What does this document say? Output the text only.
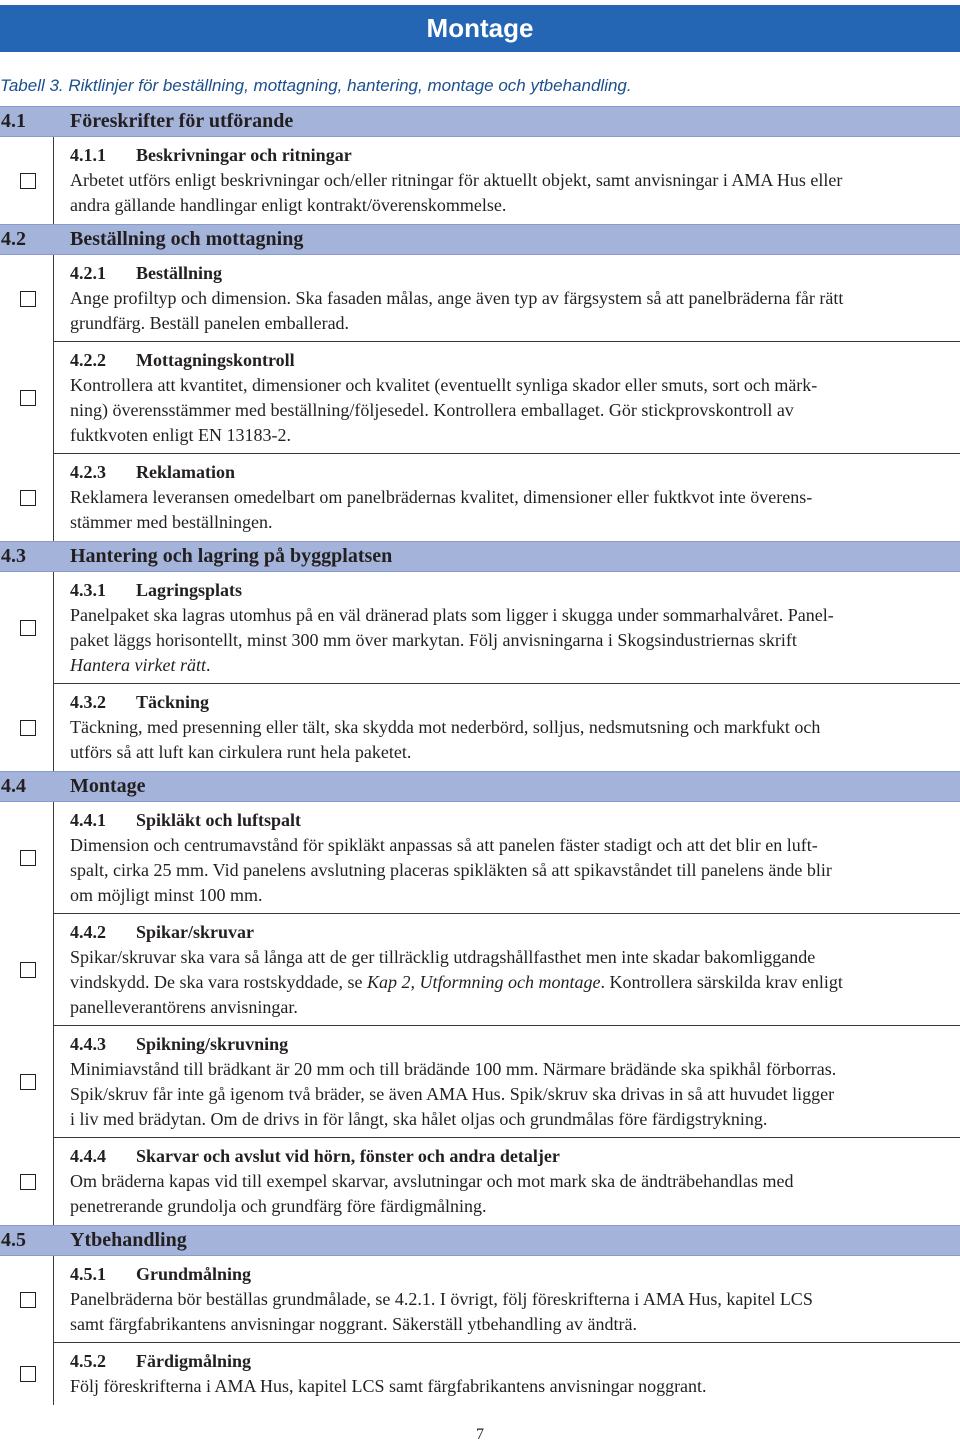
Montage
Tabell 3. Riktlinjer för beställning, mottagning, hantering, montage och ytbehandling.
4.1 Föreskrifter för utförande
4.1.1 Beskrivningar och ritningar

Arbetet utförs enligt beskrivningar och/eller ritningar för aktuellt objekt, samt anvisningar i AMA Hus eller

andra gällande handlingar enligt kontrakt/överenskommelse.

4.2 Beställning och mottagning
4.2.1 Beställning

Ange profiltyp och dimension. Ska fasaden målas, ange även typ av färgsystem så att panelbräderna får rätt

grundfärg. Beställ panelen emballerad.

4.2.2 Mottagningskontroll

Kontrollera att kvantitet, dimensioner och kvalitet (eventuellt synliga skador eller smuts, sort och märk-

ning) överensstämmer med beställning/följesedel. Kontrollera emballaget. Gör stickprovskontroll av

fuktkvoten enligt EN 13183-2.

4.2.3 Reklamation

Reklamera leveransen omedelbart om panelbrädernas kvalitet, dimensioner eller fuktkvot inte överens-

stämmer med beställningen.

4.3 Hantering och lagring på byggplatsen
4.3.1 Lagringsplats

Panelpaket ska lagras utomhus på en väl dränerad plats som ligger i skugga under sommarhalvåret. Panel-

paket läggs horisontellt, minst 300 mm över markytan. Följ anvisningarna i Skogsindustriernas skrift

Hantera virket rätt.

4.3.2 Täckning

Täckning, med presenning eller tält, ska skydda mot nederbörd, solljus, nedsmutsning och markfukt och

utförs så att luft kan cirkulera runt hela paketet.

4.4 Montage
4.4.1 Spikläkt och luftspalt

Dimension och centrumavstånd för spikläkt anpassas så att panelen fäster stadigt och att det blir en luft-

spalt, cirka 25 mm. Vid panelens avslutning placeras spikläkten så att spikavståndet till panelens ände blir

om möjligt minst 100 mm.

4.4.2 Spikar/skruvar

Spikar/skruvar ska vara så långa att de ger tillräcklig utdragshållfasthet men inte skadar bakomliggande

vindskydd. De ska vara rostskyddade, se Kap 2, Utformning och montage. Kontrollera särskilda krav enligt

panelleverantörens anvisningar.

4.4.3 Spikning/skruvning

Minimiavstånd till brädkant är 20 mm och till brädände 100 mm. Närmare brädände ska spikhål förborras.

Spik/skruv får inte gå igenom två bräder, se även AMA Hus. Spik/skruv ska drivas in så att huvudet ligger

i liv med brädytan. Om de drivs in för långt, ska hålet oljas och grundmålas före färdigstrykning.

4.4.4 Skarvar och avslut vid hörn, fönster och andra detaljer

Om bräderna kapas vid till exempel skarvar, avslutningar och mot mark ska de ändträbehandlas med

penetrerande grundolja och grundfärg före färdigmålning.

4.5 Ytbehandling
4.5.1 Grundmålning

Panelbräderna bör beställas grundmålade, se 4.2.1. I övrigt, följ föreskrifterna i AMA Hus, kapitel LCS

samt färgfabrikantens anvisningar noggrant. Säkerställ ytbehandling av ändträ.

4.5.2 Färdigmålning

Följ föreskrifterna i AMA Hus, kapitel LCS samt färgfabrikantens anvisningar noggrant.

7
